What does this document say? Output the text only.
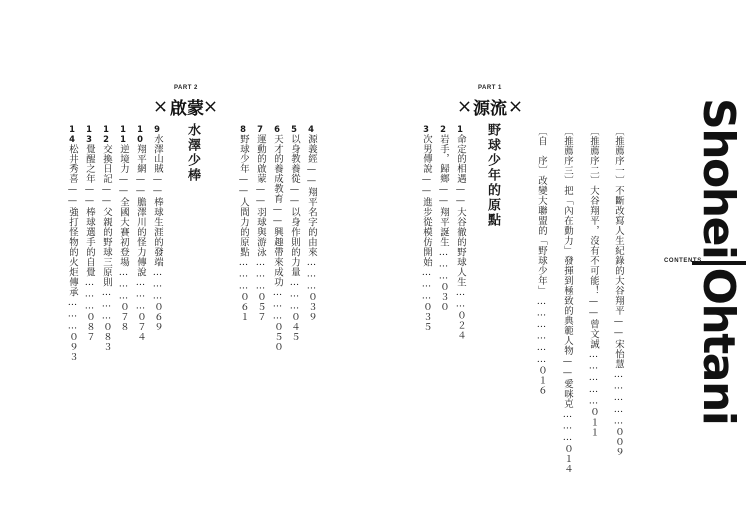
ShoheiOhtani
CONTENTS
〔推薦序一〕不斷改寫人生紀錄的大谷翔平——宋怡慧……………００９
〔推薦序二〕大谷翔平，沒有不可能！——曾文誠……………０１１
〔推薦序三〕把「內在動力」發揮到極致的典範人物——愛咪克………０１４
〔自　序〕改變大聯盟的「野球少年」………………０１６
PART 1
源流
野球少年的原點
1命定的相遇——大谷徹的野球人生……０２４
2岩手，歸鄉——翔平誕生………０３０
3次男傳說——進步從模仿開始………０３５
4源義經——翔平名字的由來………０３９
5以身教養從——以身作則的力量………０４５
6天才的養成教育——興趣帶來成功………０５０
7運動的啟蒙——羽球與游泳………０５７
8野球少年——人間力的原點………０６１
PART 2
啟蒙
水澤少棒
9水澤山賊——棒球生涯的發端………０６９
10翔平網——膽澤川的怪力傳說………０７４
11逆境力——全國大賽初登場………０７８
12交換日記——父親的野球三原則………０８３
13覺醒之年——棒球選手的自覺………０８７
14松井秀喜——強打怪物的火炬傳承………０９３
